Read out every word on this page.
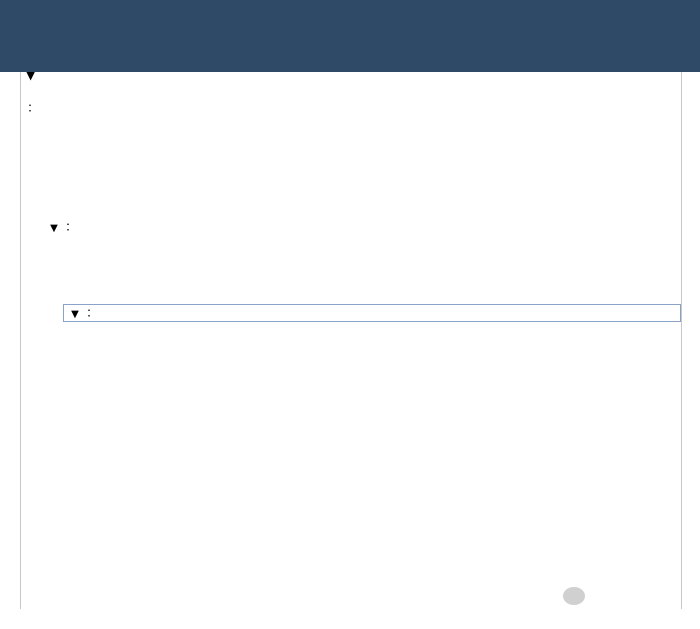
▼
：
▼ ：
▼ ：
